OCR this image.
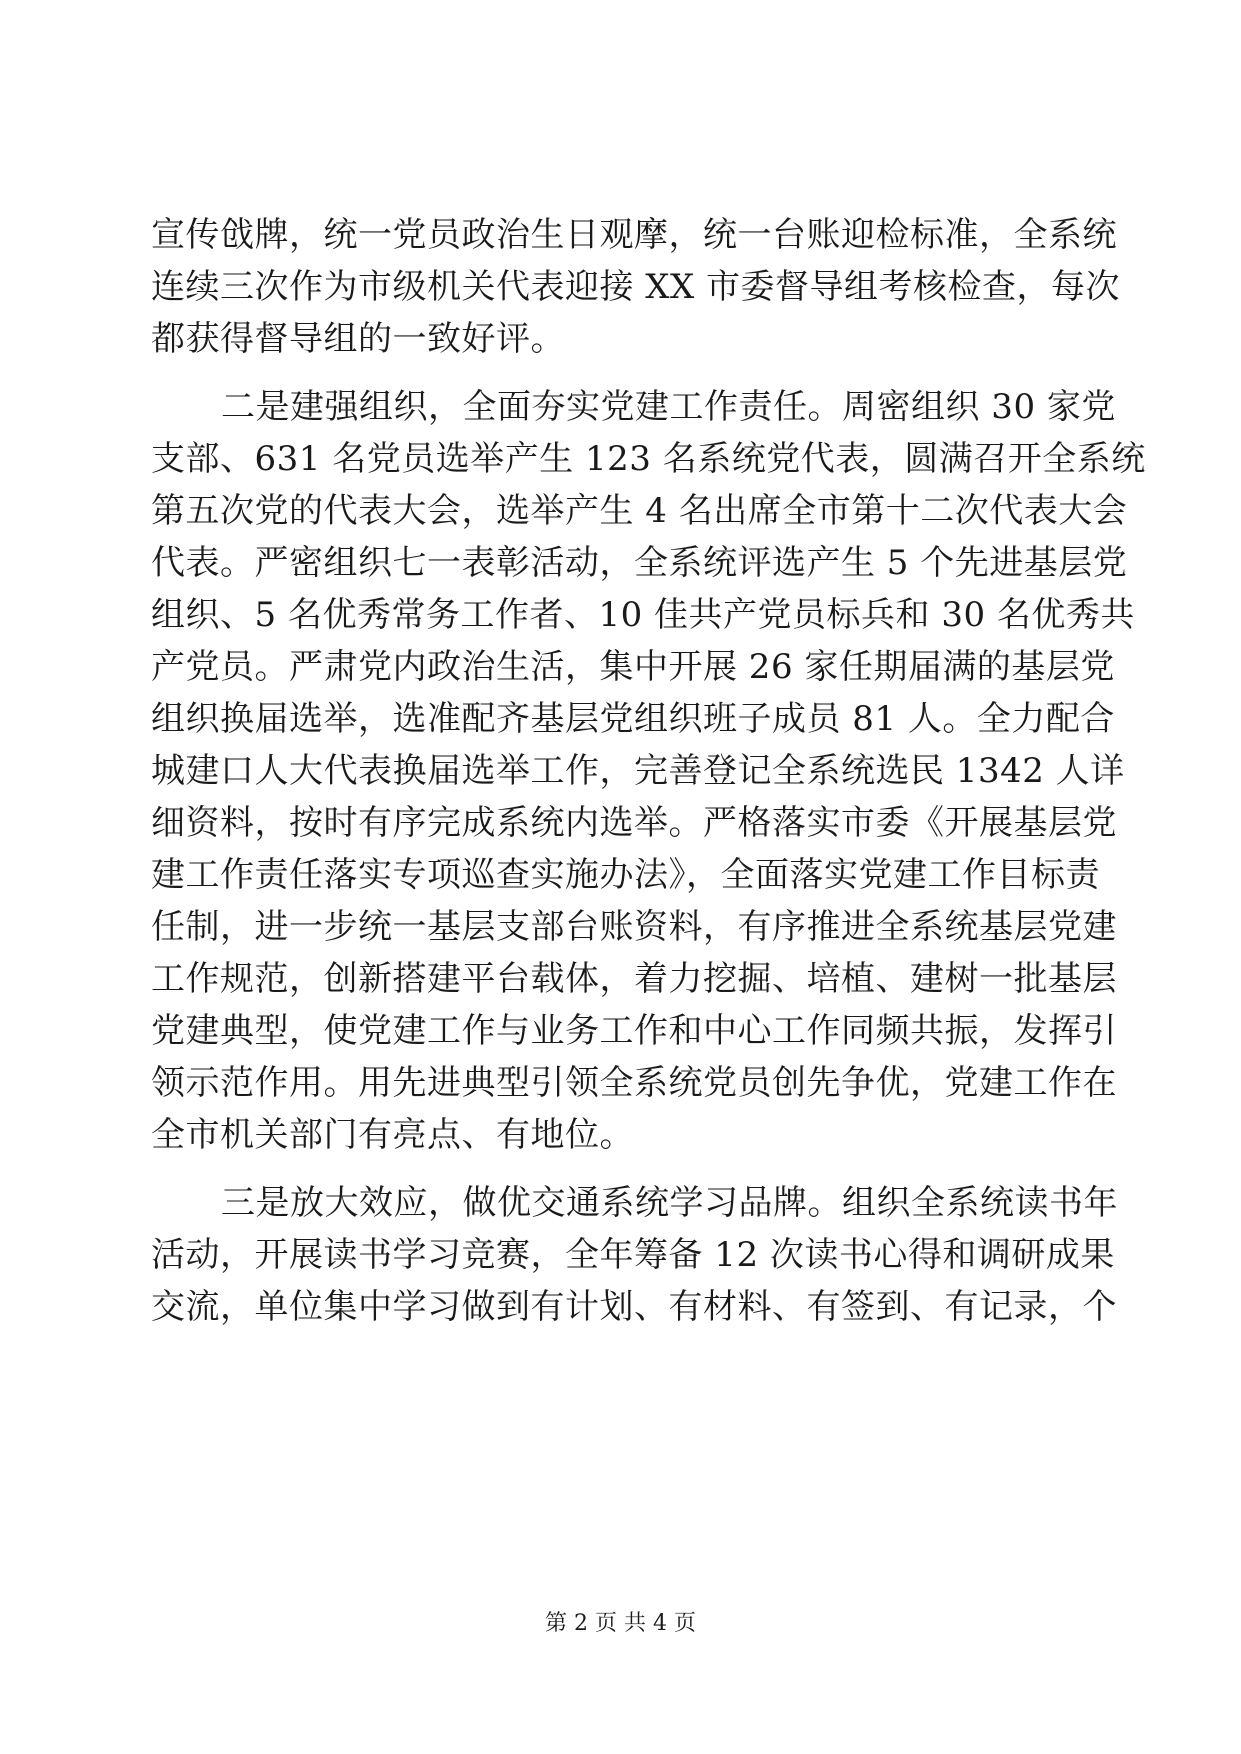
宣传戗牌，统一党员政治生日观摩，统一台账迎检标准，全系统
连续三次作为市级机关代表迎接 XX 市委督导组考核检查，每次
都获得督导组的一致好评。
二是建强组织，全面夯实党建工作责任。周密组织 30 家党
支部、631 名党员选举产生 123 名系统党代表，圆满召开全系统
第五次党的代表大会，选举产生 4 名出席全市第十二次代表大会
代表。严密组织七一表彰活动，全系统评选产生 5 个先进基层党
组织、5 名优秀常务工作者、10 佳共产党员标兵和 30 名优秀共
产党员。严肃党内政治生活，集中开展 26 家任期届满的基层党
组织换届选举，选准配齐基层党组织班子成员 81 人。全力配合
城建口人大代表换届选举工作，完善登记全系统选民 1342 人详
细资料，按时有序完成系统内选举。严格落实市委《开展基层党
建工作责任落实专项巡查实施办法》，全面落实党建工作目标责
任制，进一步统一基层支部台账资料，有序推进全系统基层党建
工作规范，创新搭建平台载体，着力挖掘、培植、建树一批基层
党建典型，使党建工作与业务工作和中心工作同频共振，发挥引
领示范作用。用先进典型引领全系统党员创先争优，党建工作在
全市机关部门有亮点、有地位。
三是放大效应，做优交通系统学习品牌。组织全系统读书年
活动，开展读书学习竞赛，全年筹备 12 次读书心得和调研成果
交流，单位集中学习做到有计划、有材料、有签到、有记录，个
第 2 页 共 4 页
